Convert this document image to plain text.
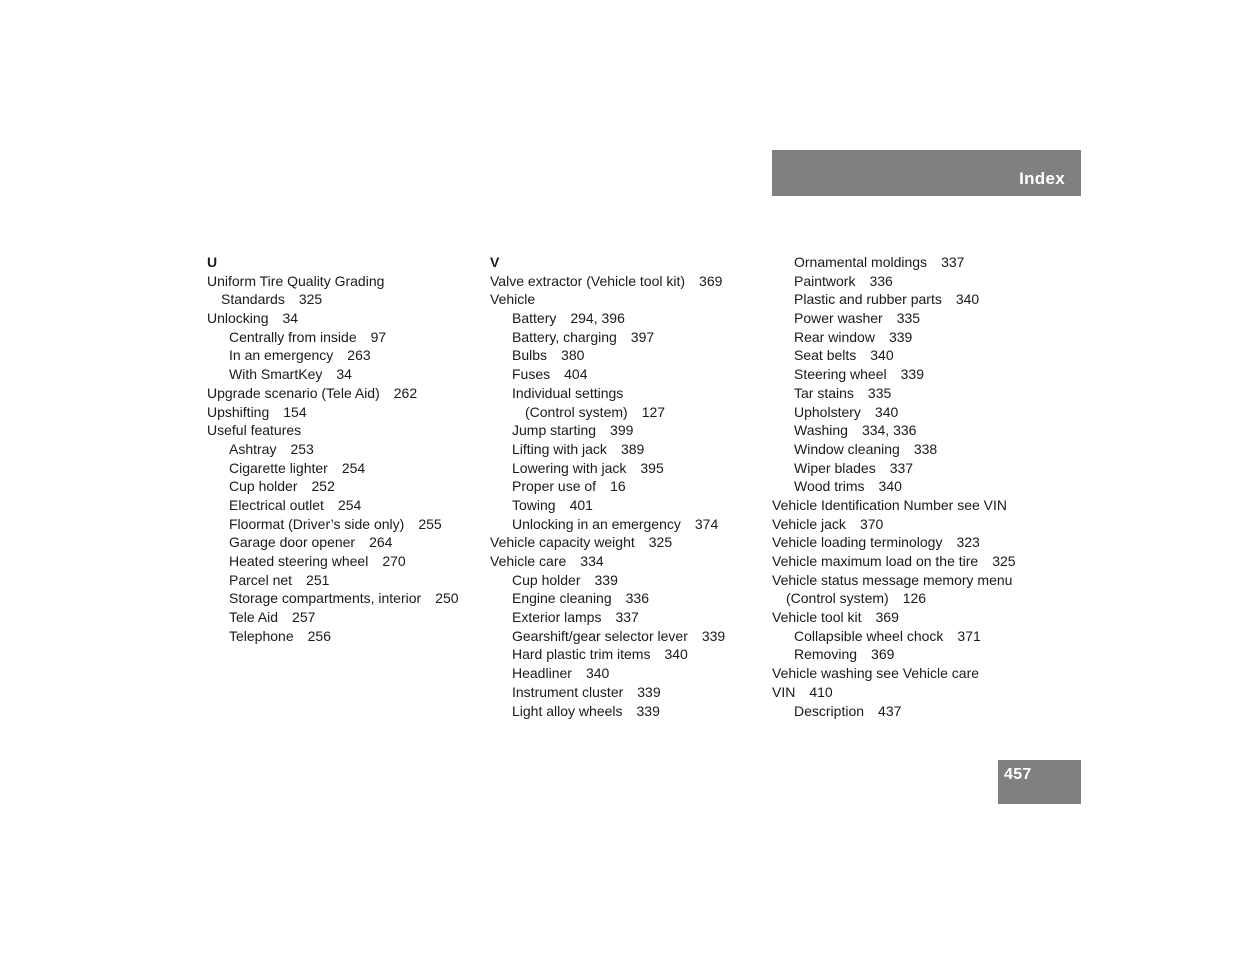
Index
U
Uniform Tire Quality Grading
Standards 325
Unlocking 34
Centrally from inside 97
In an emergency 263
With SmartKey 34
Upgrade scenario (Tele Aid) 262
Upshifting 154
Useful features
Ashtray 253
Cigarette lighter 254
Cup holder 252
Electrical outlet 254
Floormat (Driver’s side only) 255
Garage door opener 264
Heated steering wheel 270
Parcel net 251
Storage compartments, interior 250
Tele Aid 257
Telephone 256
V
Valve extractor (Vehicle tool kit) 369
Vehicle
Battery 294, 396
Battery, charging 397
Bulbs 380
Fuses 404
Individual settings
(Control system) 127
Jump starting 399
Lifting with jack 389
Lowering with jack 395
Proper use of 16
Towing 401
Unlocking in an emergency 374
Vehicle capacity weight 325
Vehicle care 334
Cup holder 339
Engine cleaning 336
Exterior lamps 337
Gearshift/gear selector lever 339
Hard plastic trim items 340
Headliner 340
Instrument cluster 339
Light alloy wheels 339
Ornamental moldings 337
Paintwork 336
Plastic and rubber parts 340
Power washer 335
Rear window 339
Seat belts 340
Steering wheel 339
Tar stains 335
Upholstery 340
Washing 334, 336
Window cleaning 338
Wiper blades 337
Wood trims 340
Vehicle Identification Number see VIN
Vehicle jack 370
Vehicle loading terminology 323
Vehicle maximum load on the tire 325
Vehicle status message memory menu
(Control system) 126
Vehicle tool kit 369
Collapsible wheel chock 371
Removing 369
Vehicle washing see Vehicle care
VIN 410
Description 437
457
